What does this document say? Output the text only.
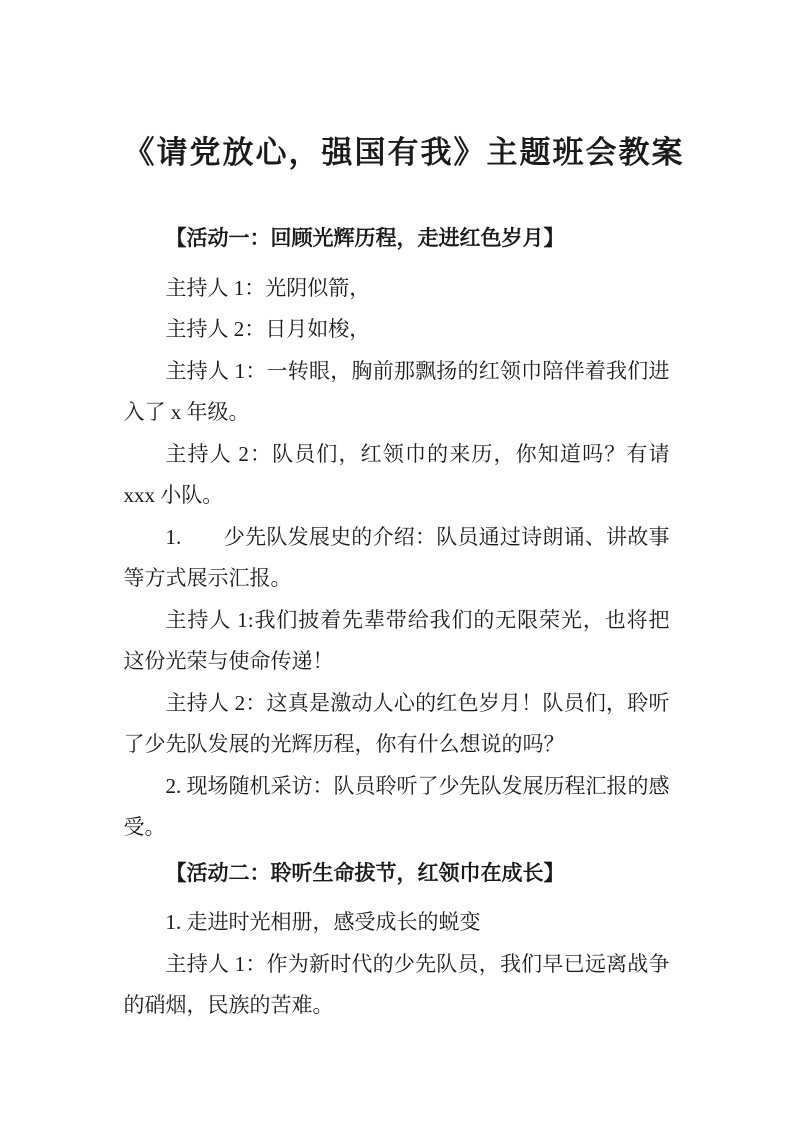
《请党放心，强国有我》主题班会教案
【活动一：回顾光辉历程，走进红色岁月】

主持人 1：光阴似箭，

主持人 2：日月如梭，

主持人 1：一转眼，胸前那飘扬的红领巾陪伴着我们进入了 x 年级。

主持人 2：队员们，红领巾的来历，你知道吗？有请 xxx 小队。

1.　　少先队发展史的介绍：队员通过诗朗诵、讲故事等方式展示汇报。

主持人 1:我们披着先辈带给我们的无限荣光，也将把这份光荣与使命传递！

主持人 2：这真是激动人心的红色岁月！队员们，聆听了少先队发展的光辉历程，你有什么想说的吗？

2. 现场随机采访：队员聆听了少先队发展历程汇报的感受。

【活动二：聆听生命拔节，红领巾在成长】

1. 走进时光相册，感受成长的蜕变

主持人 1：作为新时代的少先队员，我们早已远离战争的硝烟，民族的苦难。
